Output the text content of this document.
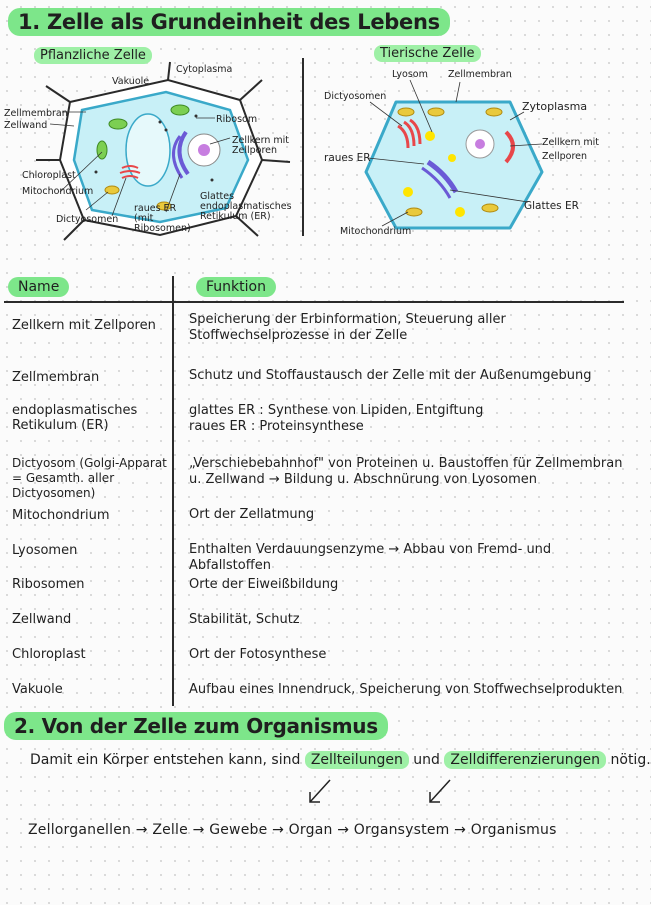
1. Zelle als Grundeinheit des Lebens
Pflanzliche Zelle
Vakuole
Cytoplasma
Zellmembran
Zellwand
Ribosom
Zellkern mit Zellporen
Chloroplast
Mitochondrium
Dictyosomen
raues ER (mit Ribosomen)
Glattes endoplasmatisches Retikulum (ER)
Tierische Zelle
Lyosom Zellmembran
Dictyosomen
Zytoplasma
raues ER
Zellkern mit Zellporen
Glattes ER
Mitochondrium
Name	Funktion
Zellkern mit Zellporen	Speicherung der Erbinformation, Steuerung aller Stoffwechselprozesse in der Zelle
Zellmembran	Schutz und Stoffaustausch der Zelle mit der Außenumgebung
endoplasmatisches Retikulum (ER)
glattes ER : Synthese von Lipiden, Entgiftung
raues ER : Proteinsynthese
Dictyosom (Golgi-Apparat = Gesamth. aller Dictyosomen)
„Verschiebebahnhof" von Proteinen u. Baustoffen für Zellmembran u. Zellwand → Bildung u. Abschnürung von Lyosomen
Mitochondrium	Ort der Zellatmung
Lyosomen	Enthalten Verdauungsenzyme → Abbau von Fremd- und Abfallstoffen
Ribosomen	Orte der Eiweißbildung
Zellwand	Stabilität, Schutz
Chloroplast	Ort der Fotosynthese
Vakuole	Aufbau eines Innendruck, Speicherung von Stoffwechselprodukten
2. Von der Zelle zum Organismus
Damit ein Körper entstehen kann, sind Zellteilungen und Zelldifferenzierungen nötig.
Zellorganellen → Zelle → Gewebe → Organ → Organsystem → Organismus
